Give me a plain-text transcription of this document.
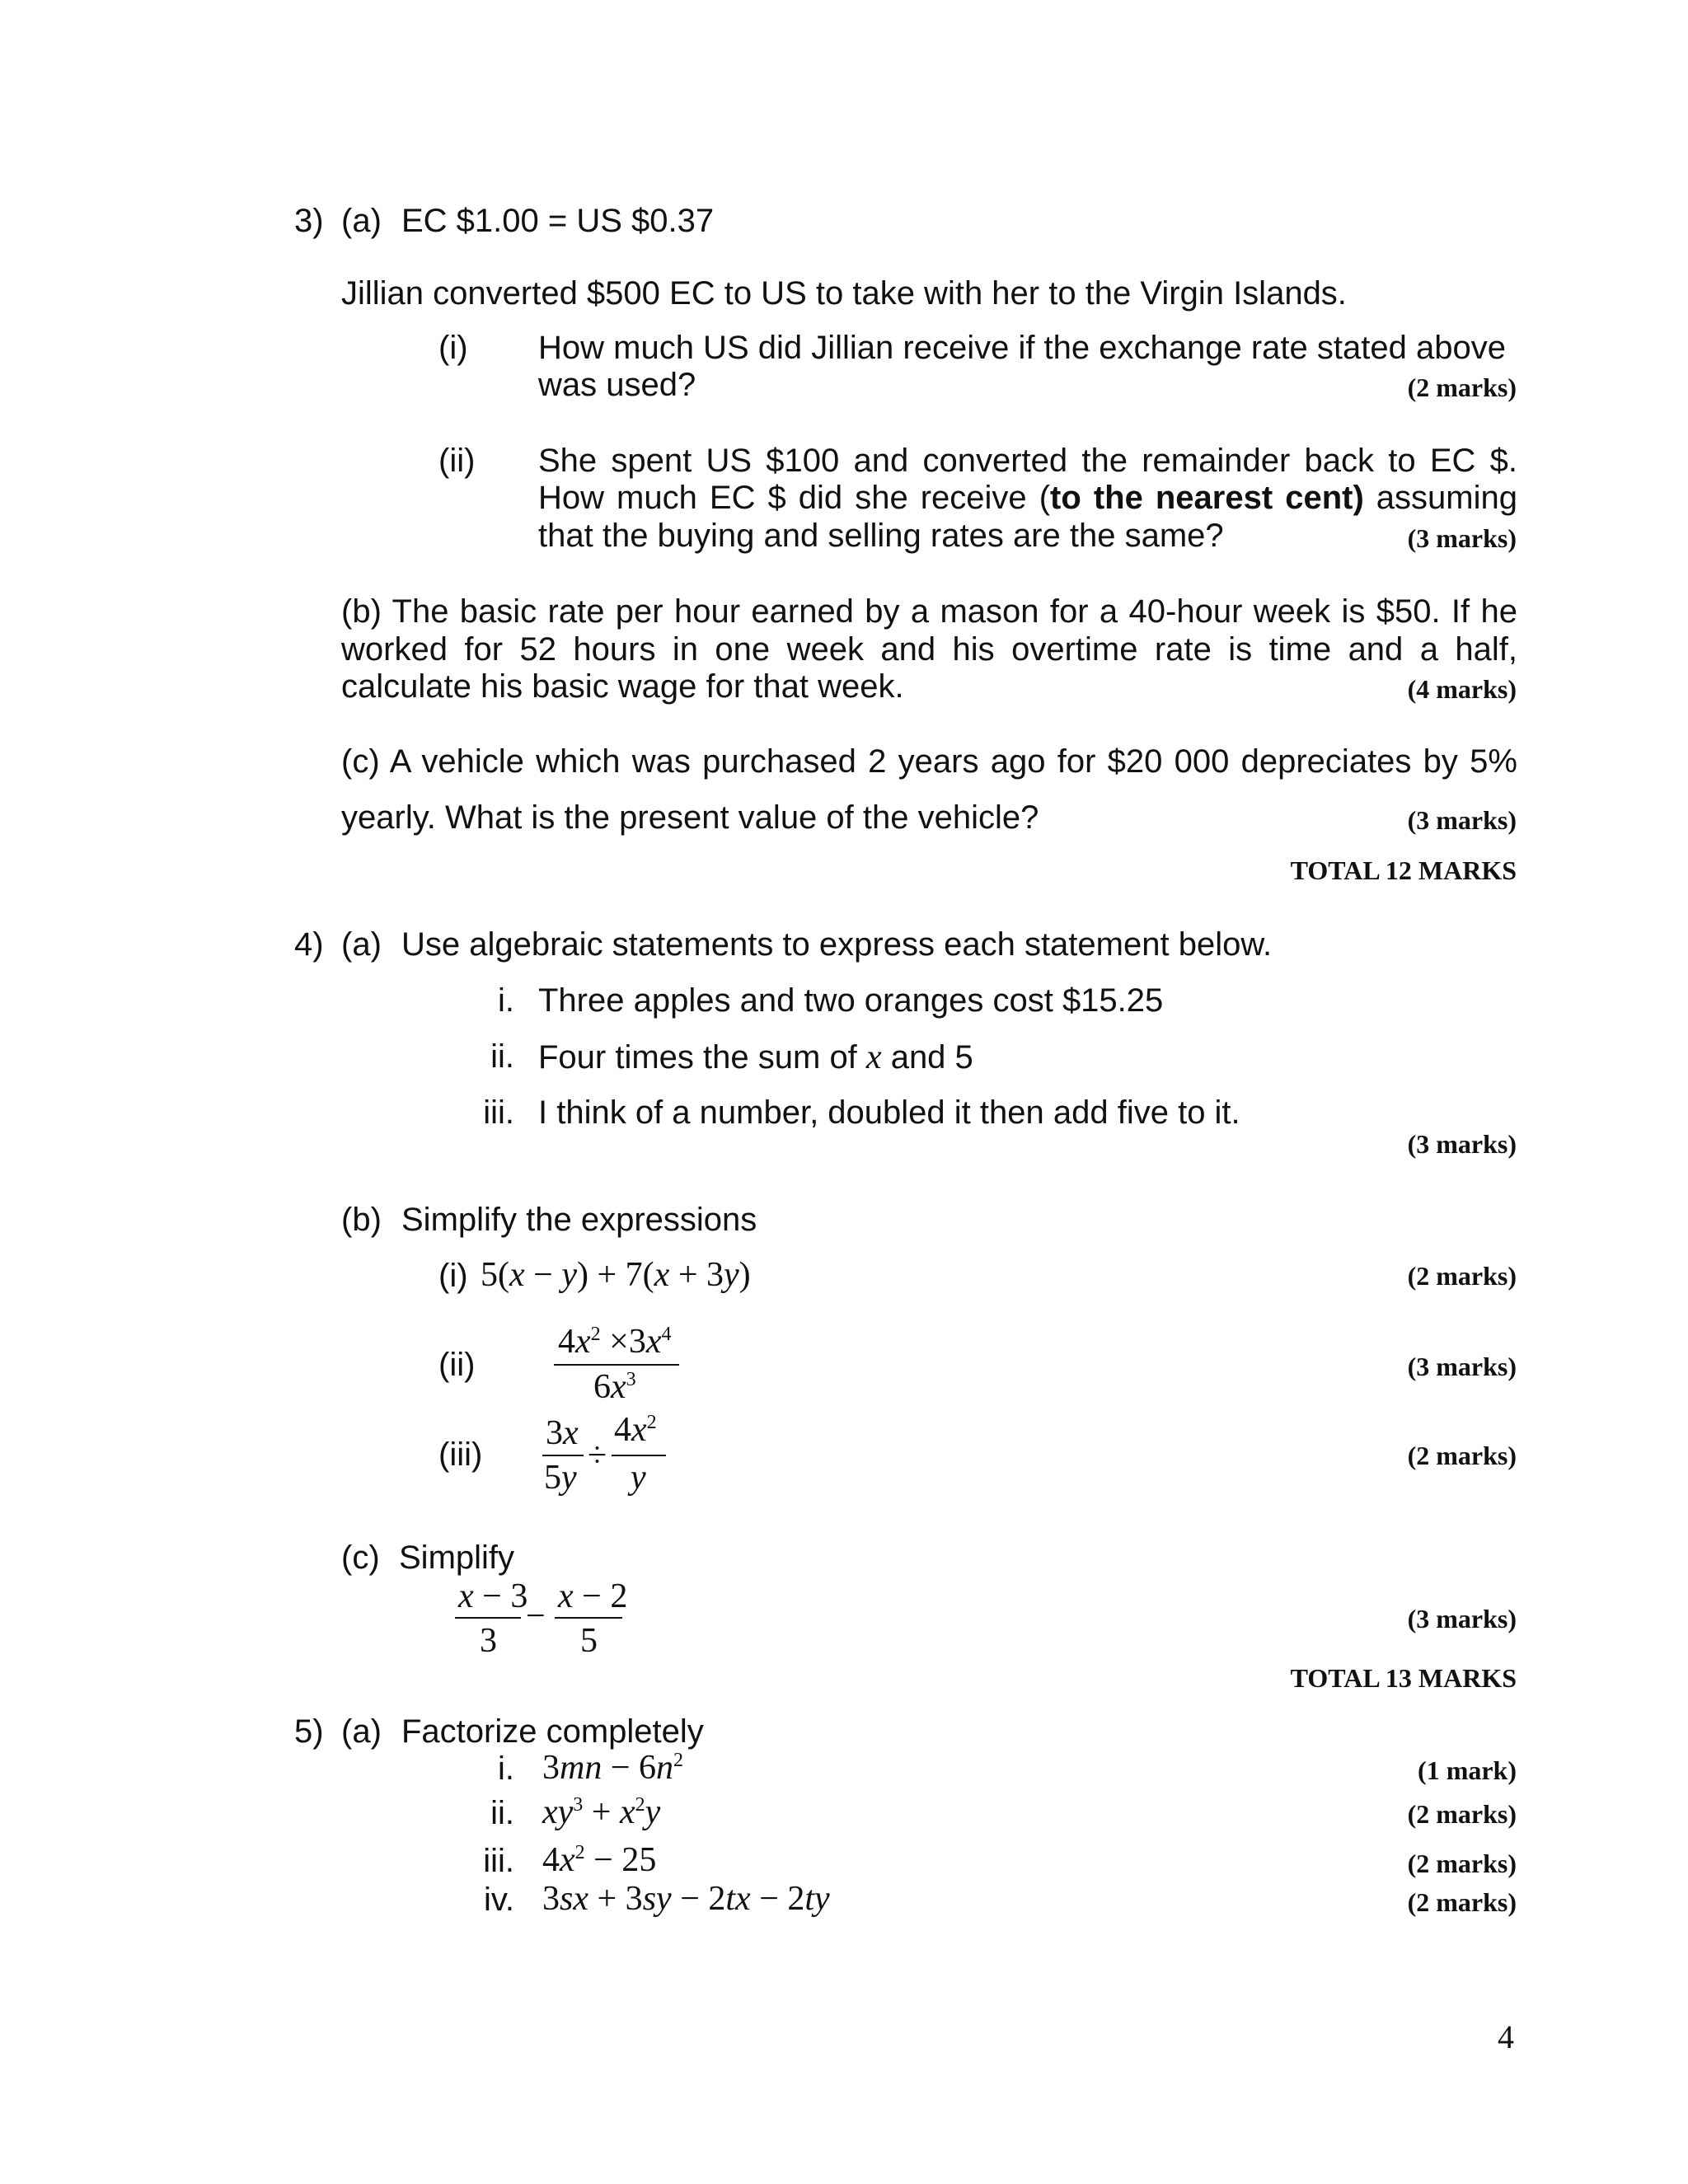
3) (a) EC $1.00 = US $0.37
Jillian converted $500 EC to US to take with her to the Virgin Islands.
(i) How much US did Jillian receive if the exchange rate stated above
was used?	(2 marks)
(ii) She spent US $100 and converted the remainder back to EC $.
How much EC $ did she receive (to the nearest cent) assuming
that the buying and selling rates are the same?	(3 marks)
(b) The basic rate per hour earned by a mason for a 40-hour week is $50. If he
worked for 52 hours in one week and his overtime rate is time and a half,
calculate his basic wage for that week.	(4 marks)
(c) A vehicle which was purchased 2 years ago for $20 000 depreciates by 5%
yearly. What is the present value of the vehicle?	(3 marks)
TOTAL 12 MARKS
4) (a) Use algebraic statements to express each statement below.
i. Three apples and two oranges cost $15.25
ii. Four times the sum of x and 5
iii. I think of a number, doubled it then add five to it.
(3 marks)
(b) Simplify the expressions
(i) 5(x − y) + 7(x + 3y)	(2 marks)
(ii)
$4x^2 \times 3x^4$
$6x^3$	(3 marks)
(iii)
3x
5y
÷
$4x^2$
y
(2 marks)
(c) Simplify
x − 3
3
−
x − 2
5
(3 marks)
TOTAL 13 MARKS
5) (a) Factorize completely
i. $3mn - 6n^2$	(1 mark)
ii. $xy^3 + x^2y$	(2 marks)
iii. $4x^2 - 25$	(2 marks)
iv. 3sx + 3sy − 2tx − 2ty	(2 marks)
4
